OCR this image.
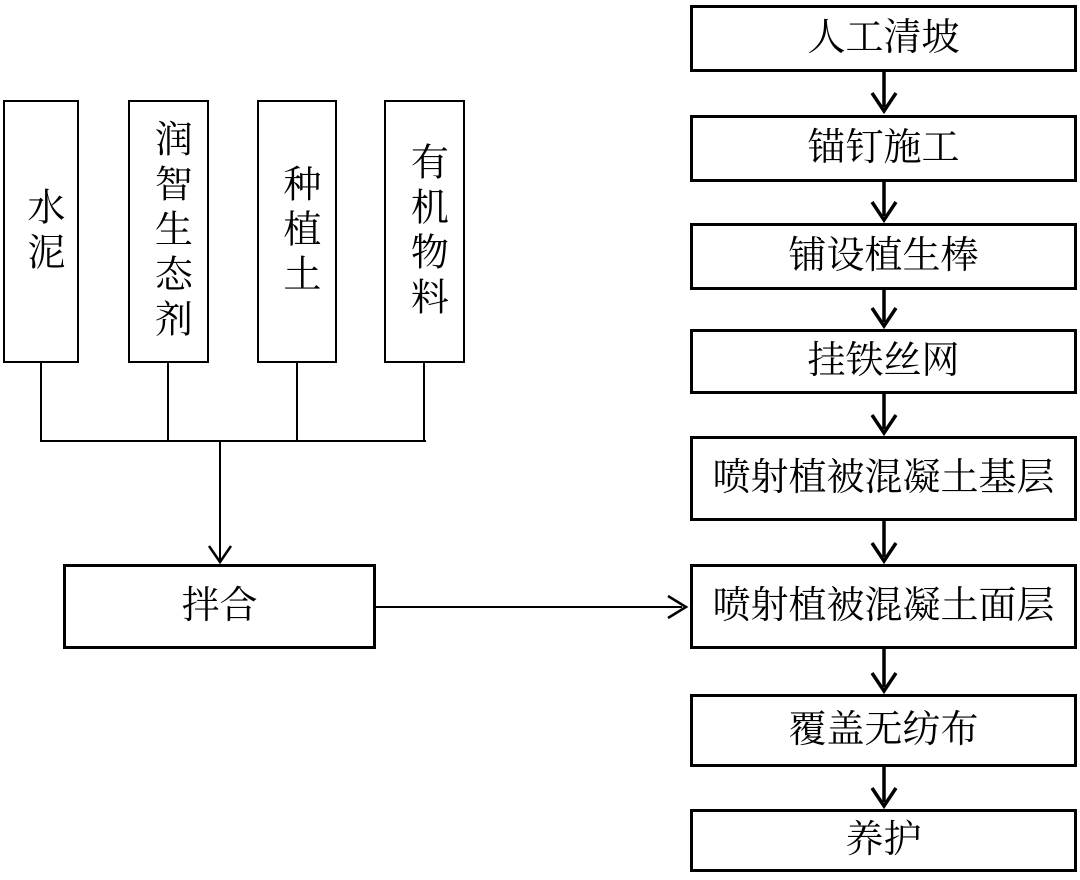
水泥 润智生态剂 种植土 有机物料
拌合
人工清坡
锚钉施工
铺设植生棒
挂铁丝网
喷射植被混凝土基层
喷射植被混凝土面层
覆盖无纺布
养护
